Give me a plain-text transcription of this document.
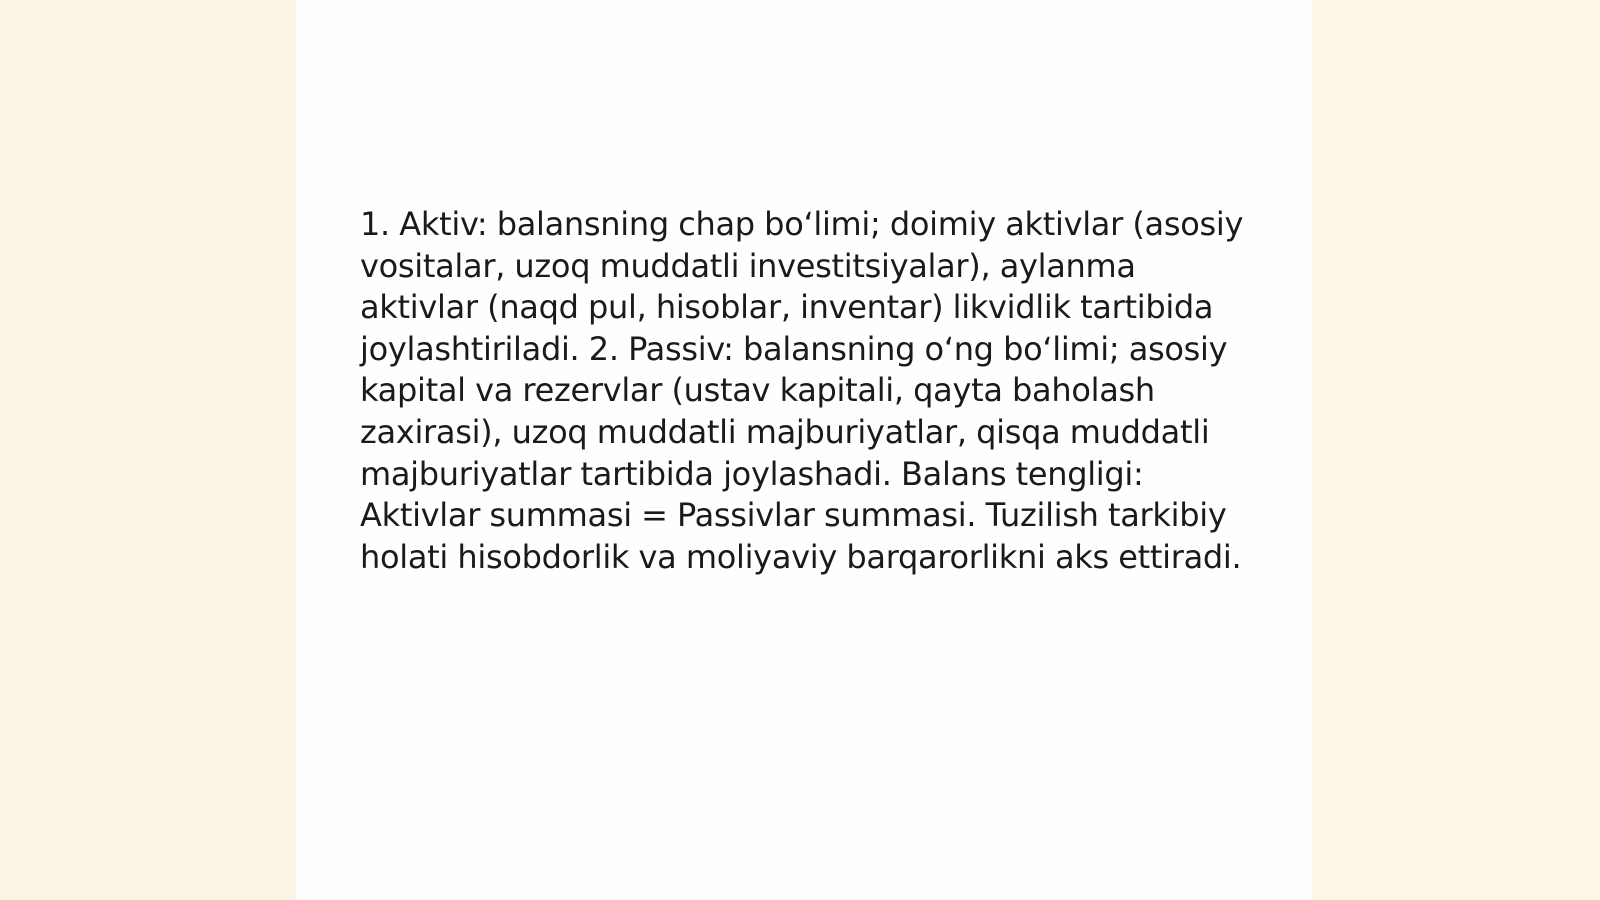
1. Aktiv: balansning chap bo‘limi; doimiy aktivlar (asosiy vositalar, uzoq muddatli investitsiyalar), aylanma aktivlar (naqd pul, hisoblar, inventar) likvidlik tartibida joylashtiriladi. 2. Passiv: balansning o‘ng bo‘limi; asosiy kapital va rezervlar (ustav kapitali, qayta baholash zaxirasi), uzoq muddatli majburiyatlar, qisqa muddatli majburiyatlar tartibida joylashadi. Balans tengligi: Aktivlar summasi = Passivlar summasi. Tuzilish tarkibiy holati hisobdorlik va moliyaviy barqarorlikni aks ettiradi.
